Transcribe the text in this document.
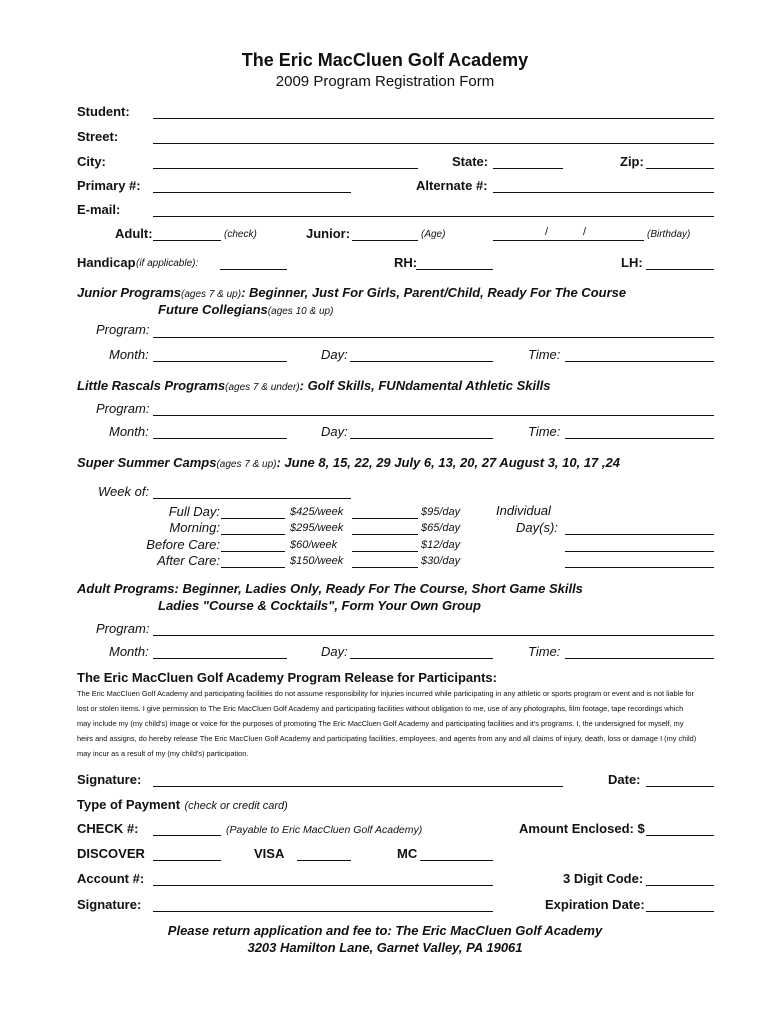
The Eric MacCluen Golf Academy
2009 Program Registration Form
Student:
Street:
City:	State:	Zip:
Primary #:	Alternate #:
E-mail:
Adult:	(check)	Junior:	(Age)	/	/	(Birthday)
Handicap (if applicable):	RH:	LH:
Junior Programs(ages 7 & up): Beginner, Just For Girls, Parent/Child, Ready For The Course
Future Collegians(ages 10 & up)
Program:
Month:	Day:	Time:
Little Rascals Programs(ages 7 & under): Golf Skills, FUNdamental Athletic Skills
Program:
Month:	Day:	Time:
Super Summer Camps(ages 7 & up): June 8, 15, 22, 29 July 6, 13, 20, 27 August 3, 10, 17 ,24
Week of:
Full Day:	$425/week	$95/day
Morning:	$295/week	$65/day
Before Care:	$60/week	$12/day
After Care:	$150/week	$30/day
Individual
Day(s):
Adult Programs: Beginner, Ladies Only, Ready For The Course, Short Game Skills
Ladies "Course & Cocktails", Form Your Own Group
Program:
Month:	Day:	Time:
The Eric MacCluen Golf Academy Program Release for Participants:
The Eric MacCluen Golf Academy and participating facilities do not assume responsibility for injuries incurred while participating in any athletic or sports program or event and is not liable for lost or stolen items. I give permission to The Eric MacCluen Golf Academy and participating facilities without obligation to me, use of any photographs, film footage, tape recordings which may include my (my child's) image or voice for the purposes of promoting The Eric MacCluen Golf Academy and participating facilities and it's programs. I, the undersigned for myself, my heirs and assigns, do hereby release The Eric MacCluen Golf Academy and participating facilities, employees, and agents from any and all claims of injury, death, loss or damage I (my child) may incur as a result of my (my child's) participation.
Signature:	Date:
Type of Payment (check or credit card)
CHECK #:	(Payable to Eric MacCluen Golf Academy)	Amount Enclosed: $
DISCOVER	VISA	MC
Account #:	3 Digit Code:
Signature:	Expiration Date:
Please return application and fee to: The Eric MacCluen Golf Academy
3203 Hamilton Lane, Garnet Valley, PA 19061
